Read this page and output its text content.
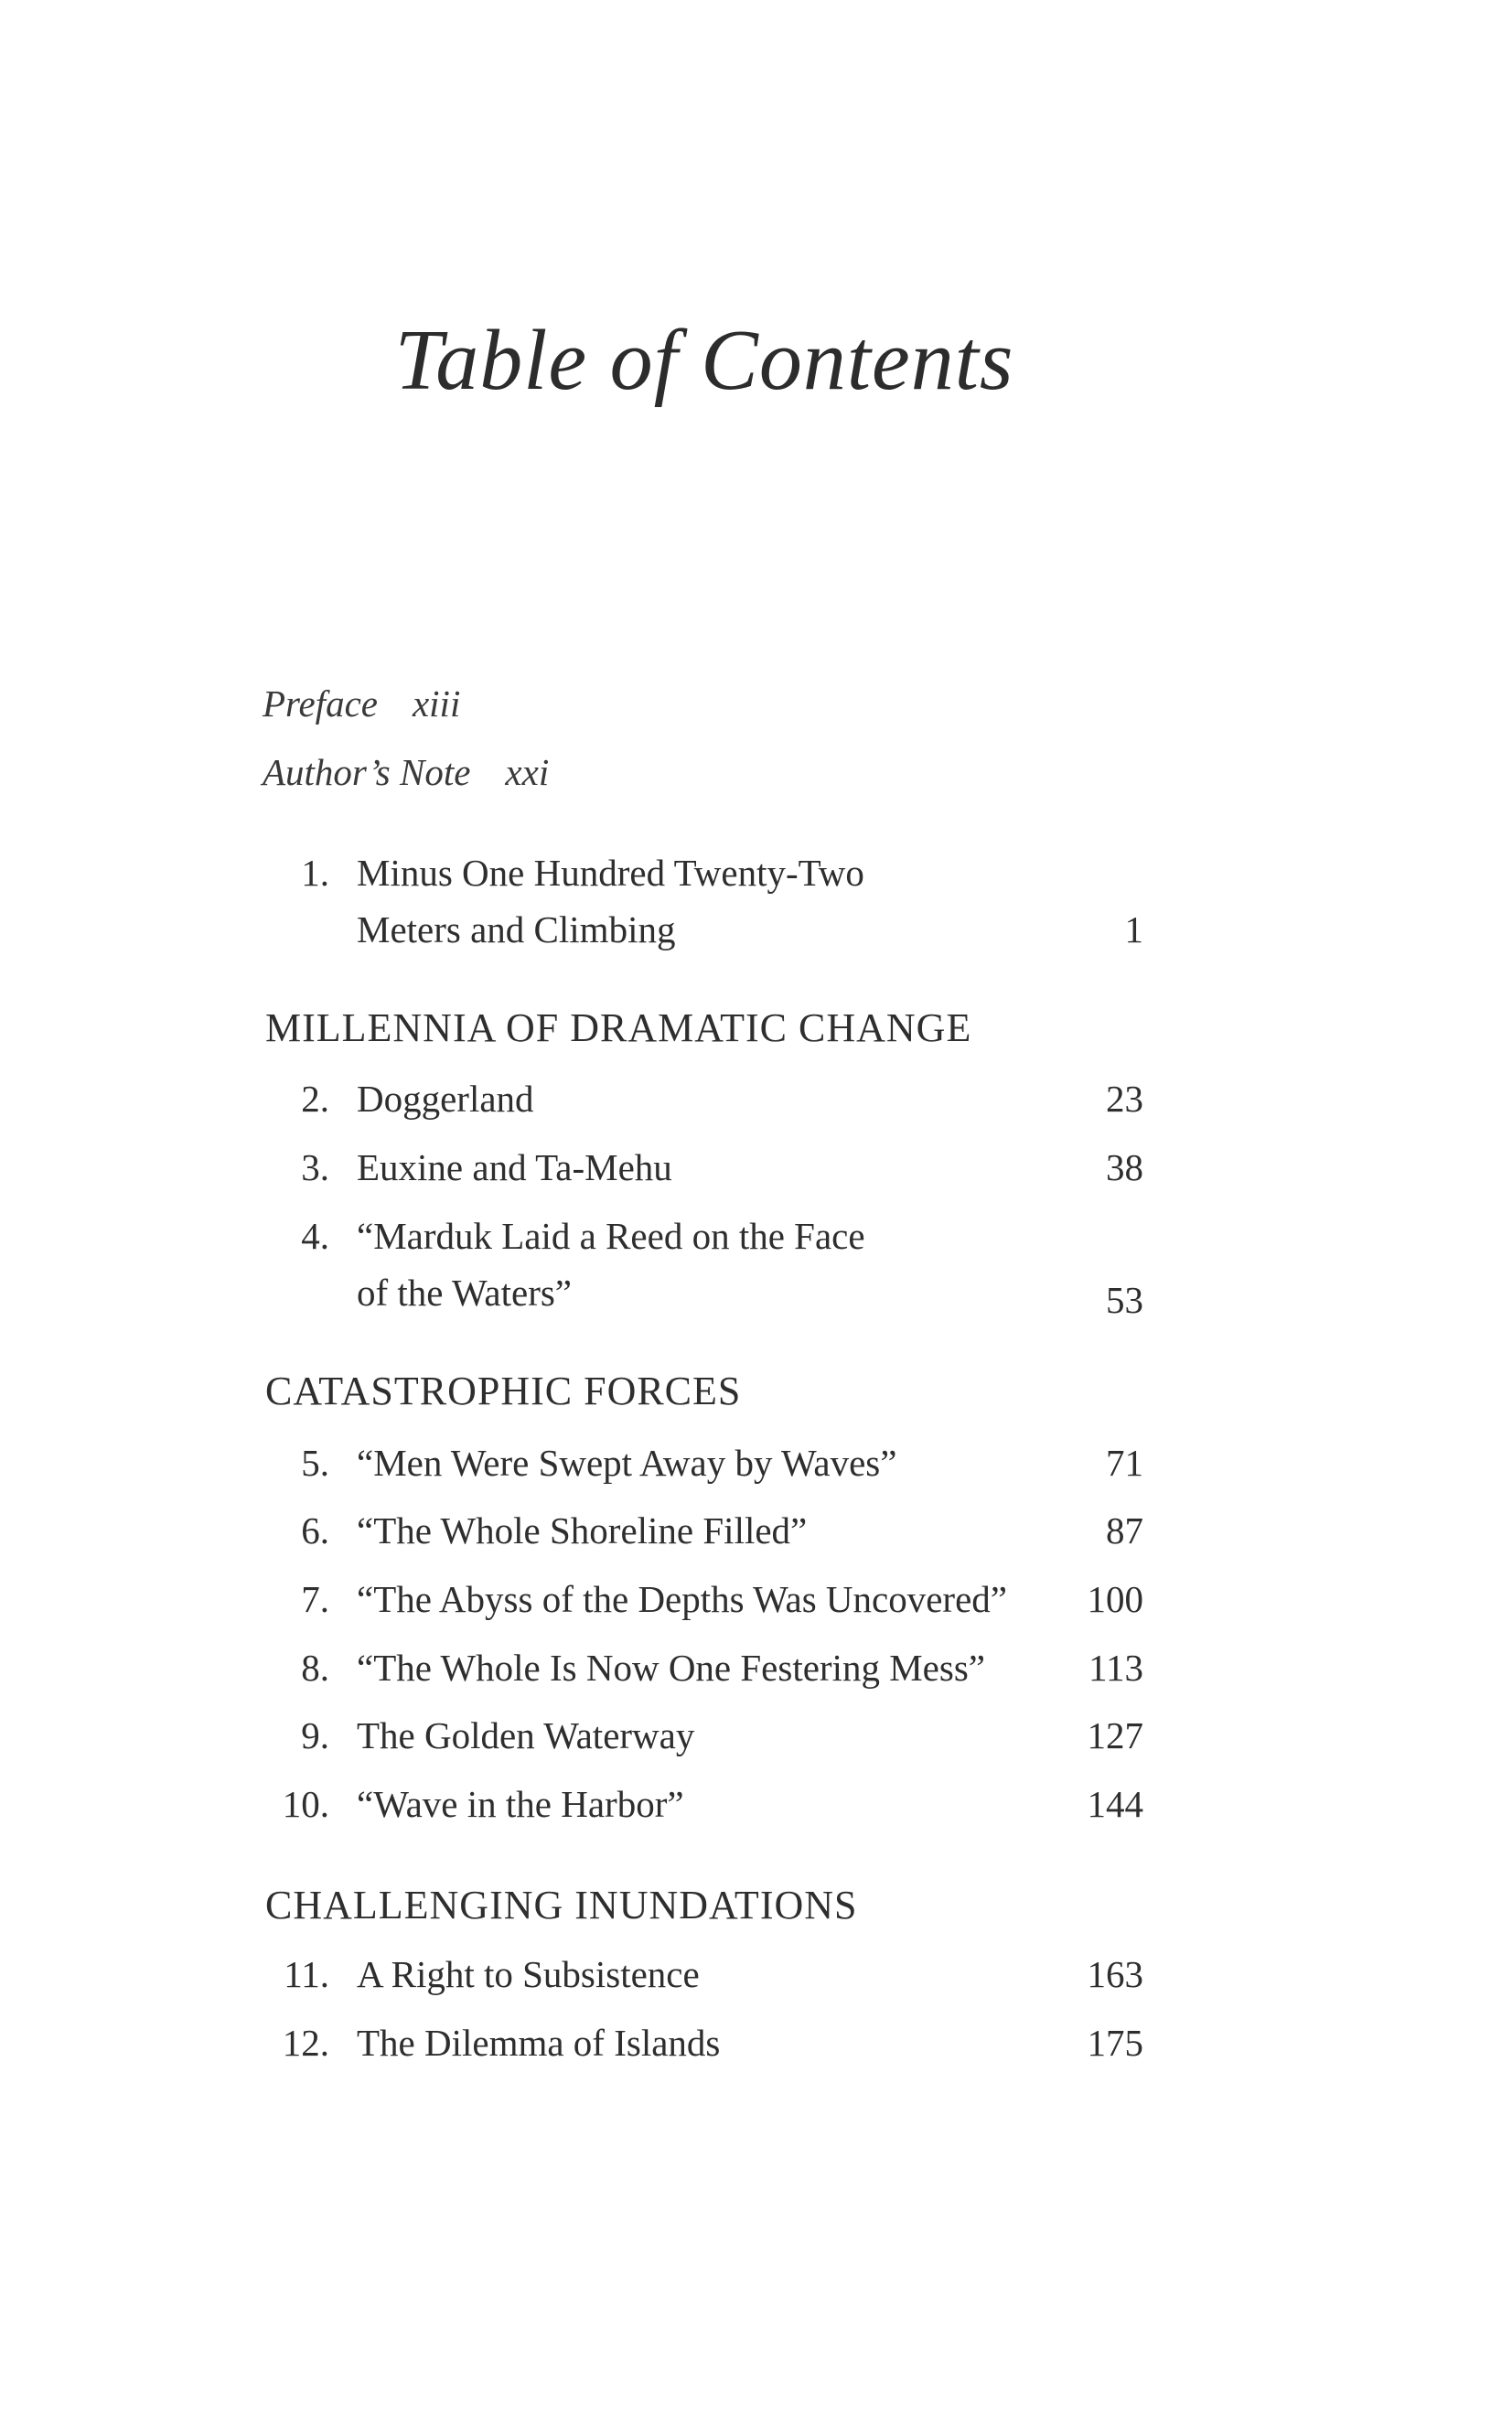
Table of Contents
Preface xiii
Author’s Note xxi
1. Minus One Hundred Twenty-Two
Meters and Climbing	1
MILLENNIA OF DRAMATIC CHANGE
2. Doggerland	23
3. Euxine and Ta-Mehu	38
4. “Marduk Laid a Reed on the Face
of the Waters”	53
CATASTROPHIC FORCES
5. “Men Were Swept Away by Waves”	71
6. “The Whole Shoreline Filled”	87
7. “The Abyss of the Depths Was Uncovered” 100
8. “The Whole Is Now One Festering Mess”	113
9. The Golden Waterway	127
10. “Wave in the Harbor”	144
CHALLENGING INUNDATIONS
11. A Right to Subsistence	163
12. The Dilemma of Islands	175
